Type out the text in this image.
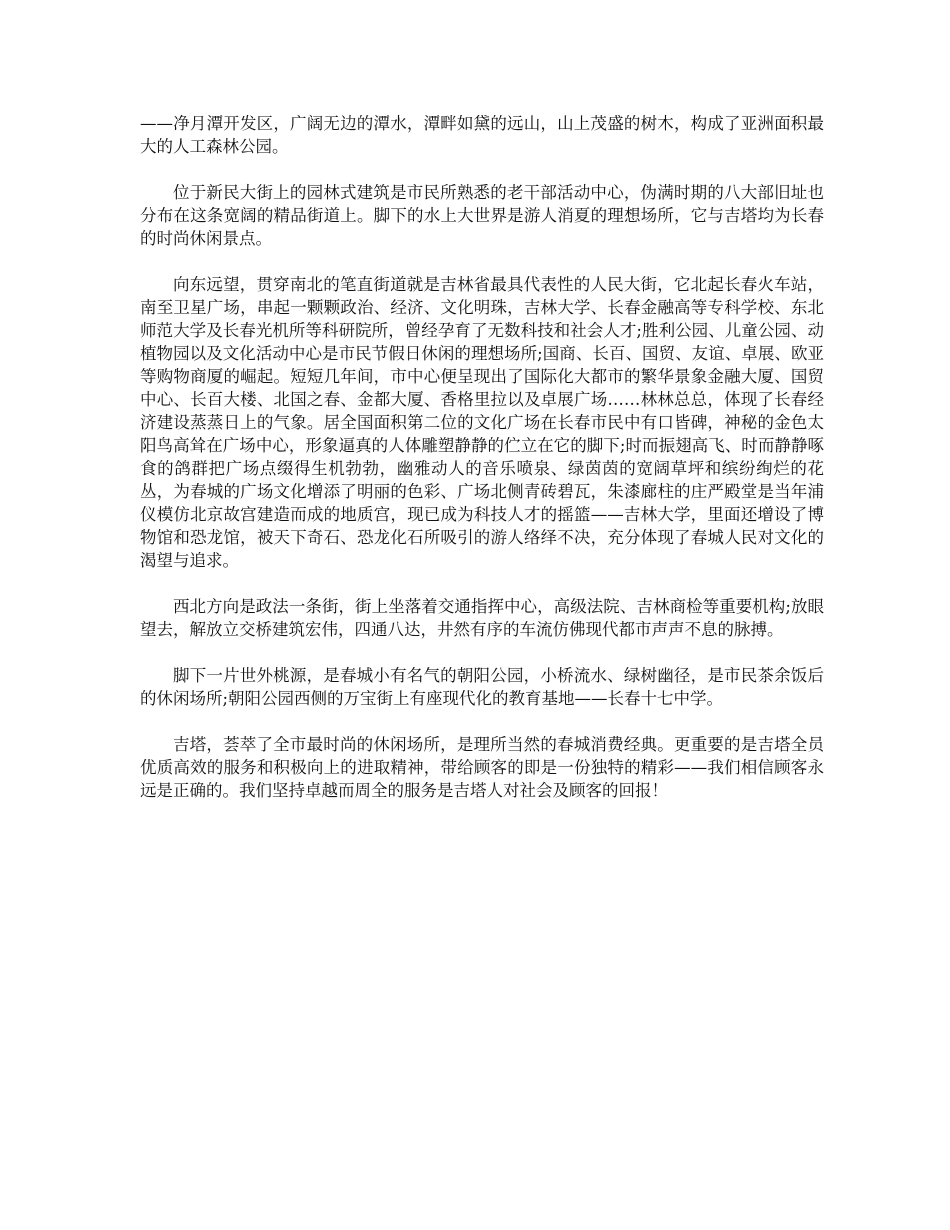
——净月潭开发区，广阔无边的潭水，潭畔如黛的远山，山上茂盛的树木，构成了亚洲面积最大的人工森林公园。

位于新民大街上的园林式建筑是市民所熟悉的老干部活动中心，伪满时期的八大部旧址也分布在这条宽阔的精品街道上。脚下的水上大世界是游人消夏的理想场所，它与吉塔均为长春的时尚休闲景点。

向东远望，贯穿南北的笔直街道就是吉林省最具代表性的人民大街，它北起长春火车站，南至卫星广场，串起一颗颗政治、经济、文化明珠，吉林大学、长春金融高等专科学校、东北师范大学及长春光机所等科研院所，曾经孕育了无数科技和社会人才;胜利公园、儿童公园、动植物园以及文化活动中心是市民节假日休闲的理想场所;国商、长百、国贸、友谊、卓展、欧亚等购物商厦的崛起。短短几年间，市中心便呈现出了国际化大都市的繁华景象金融大厦、国贸中心、长百大楼、北国之春、金都大厦、香格里拉以及卓展广场……林林总总，体现了长春经济建设蒸蒸日上的气象。居全国面积第二位的文化广场在长春市民中有口皆碑，神秘的金色太阳鸟高耸在广场中心，形象逼真的人体雕塑静静的伫立在它的脚下;时而振翅高飞、时而静静啄食的鸽群把广场点缀得生机勃勃，幽雅动人的音乐喷泉、绿茵茵的宽阔草坪和缤纷绚烂的花丛，为春城的广场文化增添了明丽的色彩、广场北侧青砖碧瓦，朱漆廊柱的庄严殿堂是当年浦仪模仿北京故宫建造而成的地质宫，现已成为科技人才的摇篮——吉林大学，里面还增设了博物馆和恐龙馆，被天下奇石、恐龙化石所吸引的游人络绎不决，充分体现了春城人民对文化的渴望与追求。

西北方向是政法一条街，街上坐落着交通指挥中心，高级法院、吉林商检等重要机构;放眼望去，解放立交桥建筑宏伟，四通八达，井然有序的车流仿佛现代都市声声不息的脉搏。

脚下一片世外桃源，是春城小有名气的朝阳公园，小桥流水、绿树幽径，是市民茶余饭后的休闲场所;朝阳公园西侧的万宝街上有座现代化的教育基地——长春十七中学。

吉塔，荟萃了全市最时尚的休闲场所，是理所当然的春城消费经典。更重要的是吉塔全员优质高效的服务和积极向上的进取精神，带给顾客的即是一份独特的精彩——我们相信顾客永远是正确的。我们坚持卓越而周全的服务是吉塔人对社会及顾客的回报！
